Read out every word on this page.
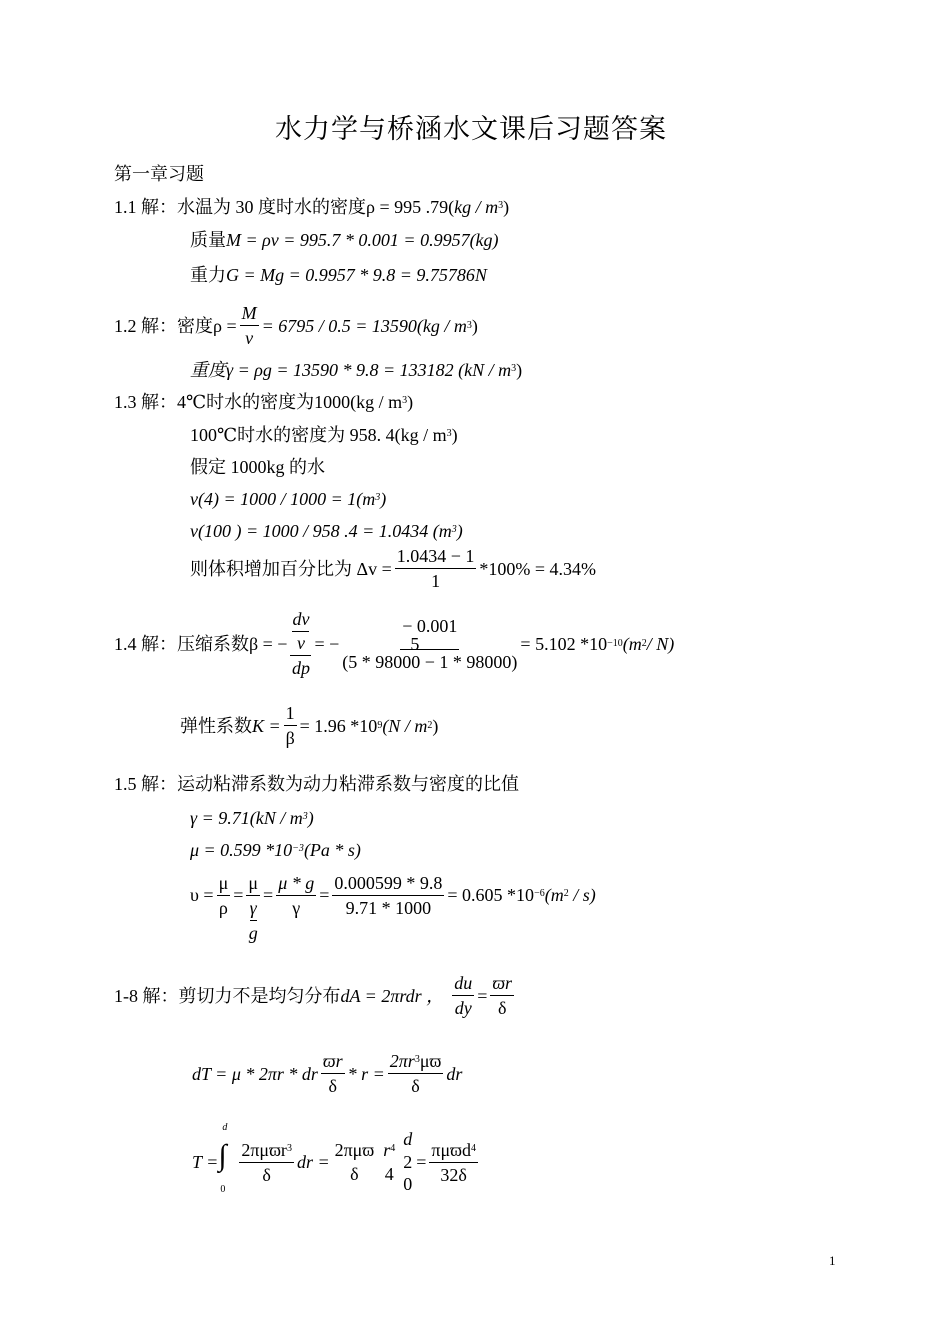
水力学与桥涵水文课后习题答案
第一章习题
1.1 解：水温为 30 度时水的密度ρ = 995 $.79(kg / m^3)$
质量M = ρv = 995.7 * 0.001 = 0.9957(kg)
重力G = Mg = 0.9957 * 9.8 = 9.75786N
1.2 解： 密度$\rho = \frac{M}{v} = 6795 / 0.5 = 13590(kg / m$ 3 )
重度γ = ρg = 13590 * 9.8 = 133182 $(kN / m^3)$
1.3 解：4℃时水的密度为$1000(kg / m^3)$
100℃时水的密度为 958. $4(kg / m^3)$
假定 1000kg 的水
$v(4) = 1000 / 1000 = 1(m^3)$
v(100 ) = 1000 / 958 .4 = 1.0434 $(m^3)$
则体积增加百分比为 $\Delta v = \frac{1.0434 - 1}{1} *100\% = 4.34\%$
1.4 解： 压缩系数β = − $\frac{\frac{dv}{v}}{dp}$ = − − 0.001
5
(5 * 98000 − 1 * 98000) = 5.102 *10 −10 (m 2 / N)
弹性系数 $K = \frac{1}{\beta} = 1.96$ *10 9 (N / m 2 )
1.5 解：运动粘滞系数为动力粘滞系数与密度的比值
$\gamma = 9.71(kN / m^3)$
μ = 0.599 $*10^{-3}(Pa * s)$
$\upsilon = \frac{\mu}{\rho} = \frac{\mu}{\frac{\gamma}{g}} = \frac{\mu * g}{\gamma} = \frac{0.000599 * 9.8}{9.71 * 1000} = 0.605$ $*10^{-6}(m^2 / s)$
1-8 解： 剪切力不是均匀分布 dA = 2πrdr ， $\frac{du}{dy} = \frac{ϖr}{\delta}$
dT = μ * 2πr * dr $\frac{ϖr}{\delta} * r = \frac{2\pi r^3\mu ϖ}{\delta}$ dr
T =
d
∫
0
$\frac{2\pi\mu ϖr^3}{\delta}$ dr =
2πμϖ
δ
$r^4$
4
d
2
0
= $\frac{\pi\mu ϖd^4}{32\delta}$
1
